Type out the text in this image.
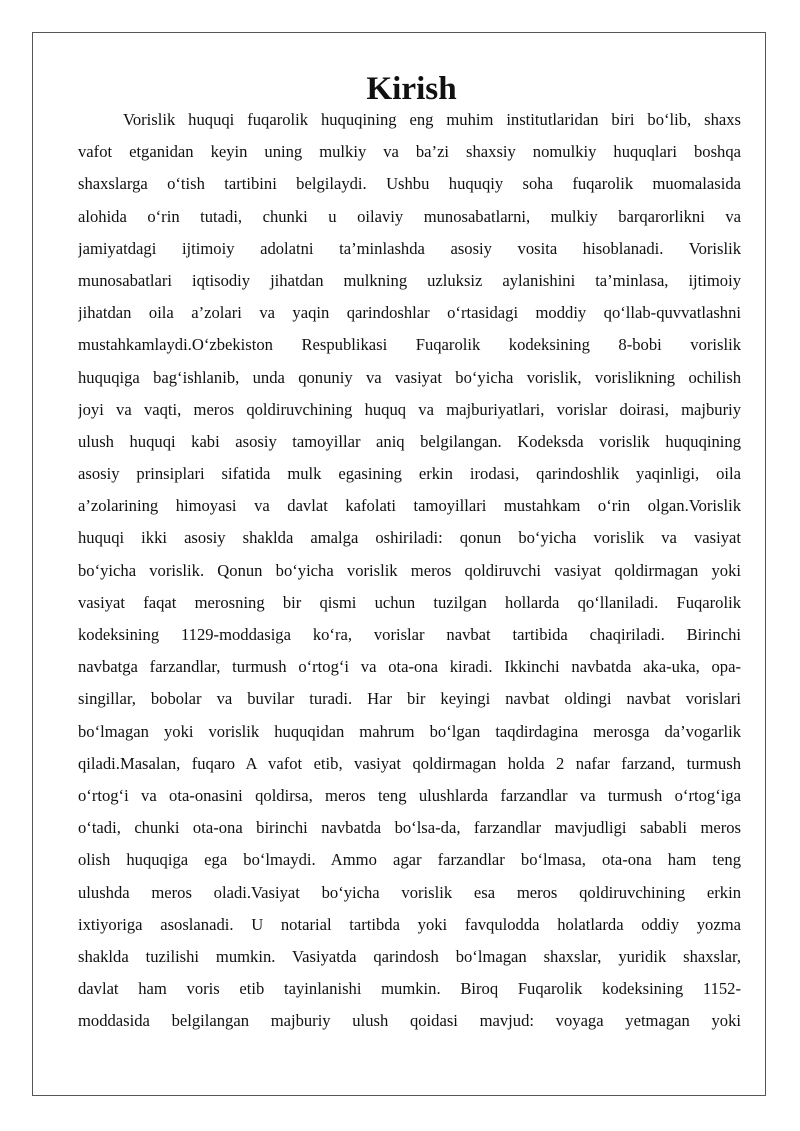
Kirish
Vorislik huquqi fuqarolik huquqining eng muhim institutlaridan biri bo‘lib, shaxs
vafot etganidan keyin uning mulkiy va ba’zi shaxsiy nomulkiy huquqlari boshqa
shaxslarga o‘tish tartibini belgilaydi. Ushbu huquqiy soha fuqarolik muomalasida
alohida o‘rin tutadi, chunki u oilaviy munosabatlarni, mulkiy barqarorlikni va
jamiyatdagi ijtimoiy adolatni ta’minlashda asosiy vosita hisoblanadi. Vorislik
munosabatlari iqtisodiy jihatdan mulkning uzluksiz aylanishini ta’minlasa, ijtimoiy
jihatdan oila a’zolari va yaqin qarindoshlar o‘rtasidagi moddiy qo‘llab-quvvatlashni
mustahkamlaydi.O‘zbekiston Respublikasi Fuqarolik kodeksining 8-bobi vorislik
huquqiga bag‘ishlanib, unda qonuniy va vasiyat bo‘yicha vorislik, vorislikning ochilish
joyi va vaqti, meros qoldiruvchining huquq va majburiyatlari, vorislar doirasi, majburiy
ulush huquqi kabi asosiy tamoyillar aniq belgilangan. Kodeksda vorislik huquqining
asosiy prinsiplari sifatida mulk egasining erkin irodasi, qarindoshlik yaqinligi, oila
a’zolarining himoyasi va davlat kafolati tamoyillari mustahkam o‘rin olgan.Vorislik
huquqi ikki asosiy shaklda amalga oshiriladi: qonun bo‘yicha vorislik va vasiyat
bo‘yicha vorislik. Qonun bo‘yicha vorislik meros qoldiruvchi vasiyat qoldirmagan yoki
vasiyat faqat merosning bir qismi uchun tuzilgan hollarda qo‘llaniladi. Fuqarolik
kodeksining 1129-moddasiga ko‘ra, vorislar navbat tartibida chaqiriladi. Birinchi
navbatga farzandlar, turmush o‘rtog‘i va ota-ona kiradi. Ikkinchi navbatda aka-uka, opa-
singillar, bobolar va buvilar turadi. Har bir keyingi navbat oldingi navbat vorislari
bo‘lmagan yoki vorislik huquqidan mahrum bo‘lgan taqdirdagina merosga da’vogarlik
qiladi.Masalan, fuqaro A vafot etib, vasiyat qoldirmagan holda 2 nafar farzand, turmush
o‘rtog‘i va ota-onasini qoldirsa, meros teng ulushlarda farzandlar va turmush o‘rtog‘iga
o‘tadi, chunki ota-ona birinchi navbatda bo‘lsa-da, farzandlar mavjudligi sababli meros
olish huquqiga ega bo‘lmaydi. Ammo agar farzandlar bo‘lmasa, ota-ona ham teng
ulushda meros oladi.Vasiyat bo‘yicha vorislik esa meros qoldiruvchining erkin
ixtiyoriga asoslanadi. U notarial tartibda yoki favqulodda holatlarda oddiy yozma
shaklda tuzilishi mumkin. Vasiyatda qarindosh bo‘lmagan shaxslar, yuridik shaxslar,
davlat ham voris etib tayinlanishi mumkin. Biroq Fuqarolik kodeksining 1152-
moddasida belgilangan majburiy ulush qoidasi mavjud: voyaga yetmagan yoki
